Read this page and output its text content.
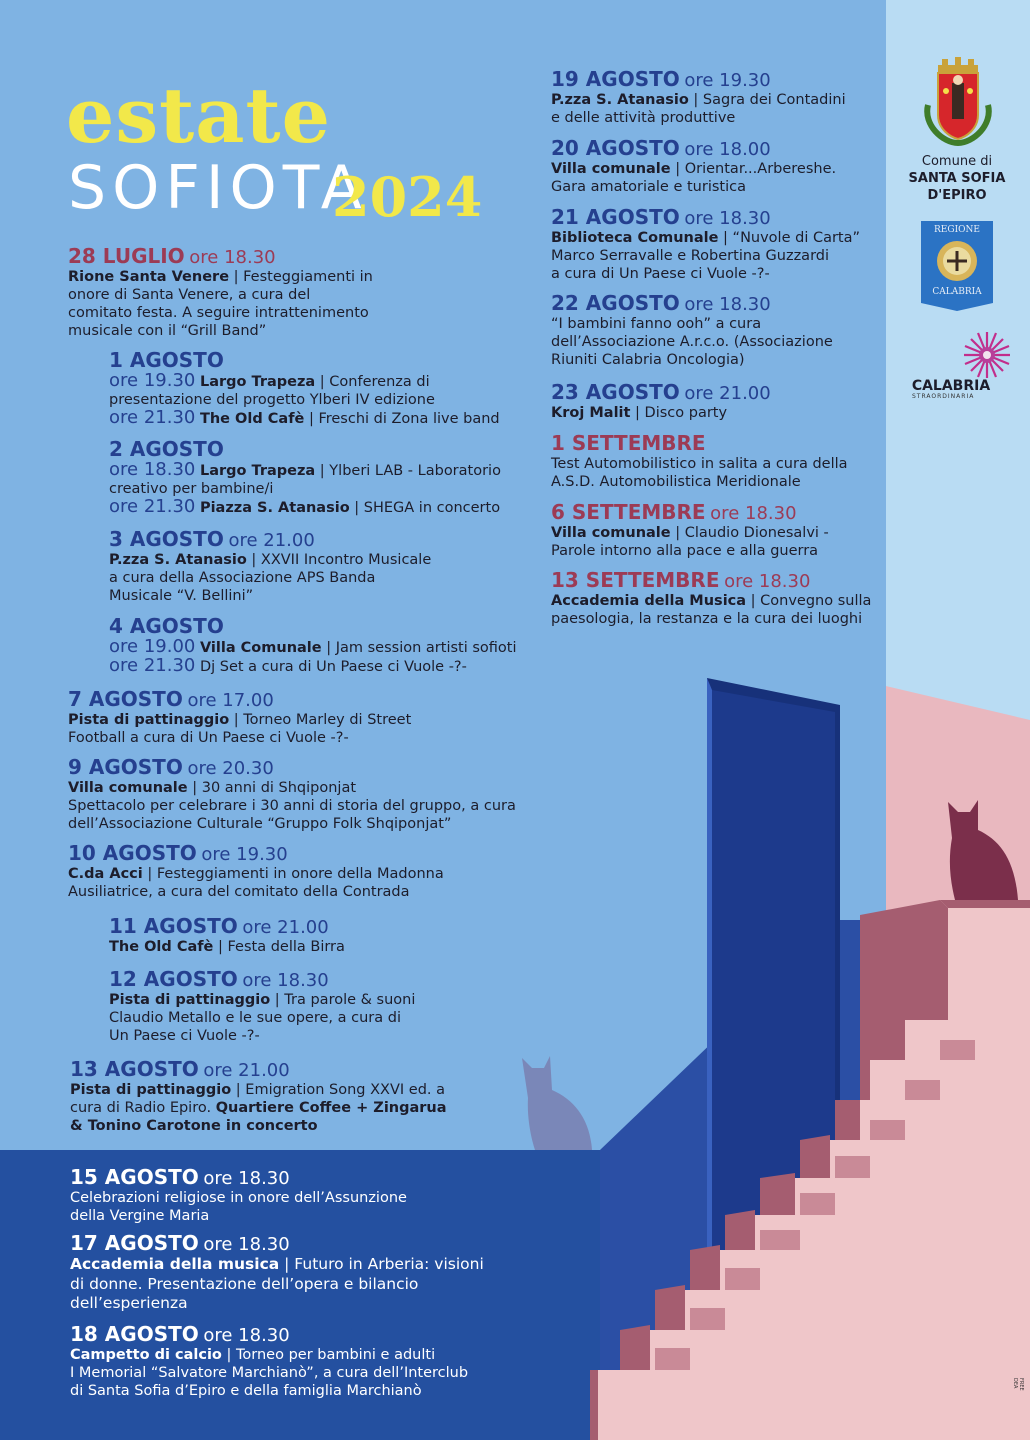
estate
SOFIOTA
2024
Comune di
SANTA SOFIA
D'EPIRO
REGIONE
CALABRIA
CALABRIA
STRAORDINARIA
28 LUGLIO ore 18.30
Rione Santa Venere | Festeggiamenti in
onore di Santa Venere, a cura del
comitato festa. A seguire intrattenimento
musicale con il “Grill Band”
1 AGOSTO
ore 19.30 Largo Trapeza | Conferenza di
presentazione del progetto Ylberi IV edizione
ore 21.30 The Old Cafè | Freschi di Zona live band
2 AGOSTO
ore 18.30 Largo Trapeza | Ylberi LAB - Laboratorio
creativo per bambine/i
ore 21.30 Piazza S. Atanasio | SHEGA in concerto
3 AGOSTO ore 21.00
P.zza S. Atanasio | XXVII Incontro Musicale
a cura della Associazione APS Banda
Musicale “V. Bellini”
4 AGOSTO
ore 19.00 Villa Comunale | Jam session artisti sofioti
ore 21.30 Dj Set a cura di Un Paese ci Vuole -?-
7 AGOSTO ore 17.00
Pista di pattinaggio | Torneo Marley di Street
Football a cura di Un Paese ci Vuole -?-
9 AGOSTO ore 20.30
Villa comunale | 30 anni di Shqiponjat
Spettacolo per celebrare i 30 anni di storia del gruppo, a cura
dell’Associazione Culturale “Gruppo Folk Shqiponjat”
10 AGOSTO ore 19.30
C.da Acci | Festeggiamenti in onore della Madonna
Ausiliatrice, a cura del comitato della Contrada
11 AGOSTO ore 21.00
The Old Cafè | Festa della Birra
12 AGOSTO ore 18.30
Pista di pattinaggio | Tra parole & suoni
Claudio Metallo e le sue opere, a cura di
Un Paese ci Vuole -?-
13 AGOSTO ore 21.00
Pista di pattinaggio | Emigration Song XXVI ed. a
cura di Radio Epiro. Quartiere Coffee + Zingarua
& Tonino Carotone in concerto
15 AGOSTO ore 18.30
Celebrazioni religiose in onore dell’Assunzione
della Vergine Maria
17 AGOSTO ore 18.30
Accademia della musica | Futuro in Arberia: visioni
di donne. Presentazione dell’opera e bilancio
dell’esperienza
18 AGOSTO ore 18.30
Campetto di calcio | Torneo per bambini e adulti
I Memorial “Salvatore Marchianò”, a cura dell’Interclub
di Santa Sofia d’Epiro e della famiglia Marchianò
19 AGOSTO ore 19.30
P.zza S. Atanasio | Sagra dei Contadini
e delle attività produttive
20 AGOSTO ore 18.00
Villa comunale | Orientar...Arbereshe.
Gara amatoriale e turistica
21 AGOSTO ore 18.30
Biblioteca Comunale | “Nuvole di Carta”
Marco Serravalle e Robertina Guzzardi
a cura di Un Paese ci Vuole -?-
22 AGOSTO ore 18.30
“I bambini fanno ooh” a cura
dell’Associazione A.r.c.o. (Associazione
Riuniti Calabria Oncologia)
23 AGOSTO ore 21.00
Kroj Malit | Disco party
1 SETTEMBRE
Test Automobilistico in salita a cura della
A.S.D. Automobilistica Meridionale
6 SETTEMBRE ore 18.30
Villa comunale | Claudio Dionesalvi -
Parole intorno alla pace e alla guerra
13 SETTEMBRE ore 18.30
Accademia della Musica | Convegno sulla
paesologia, la restanza e la cura dei luoghi
FREE DEA
